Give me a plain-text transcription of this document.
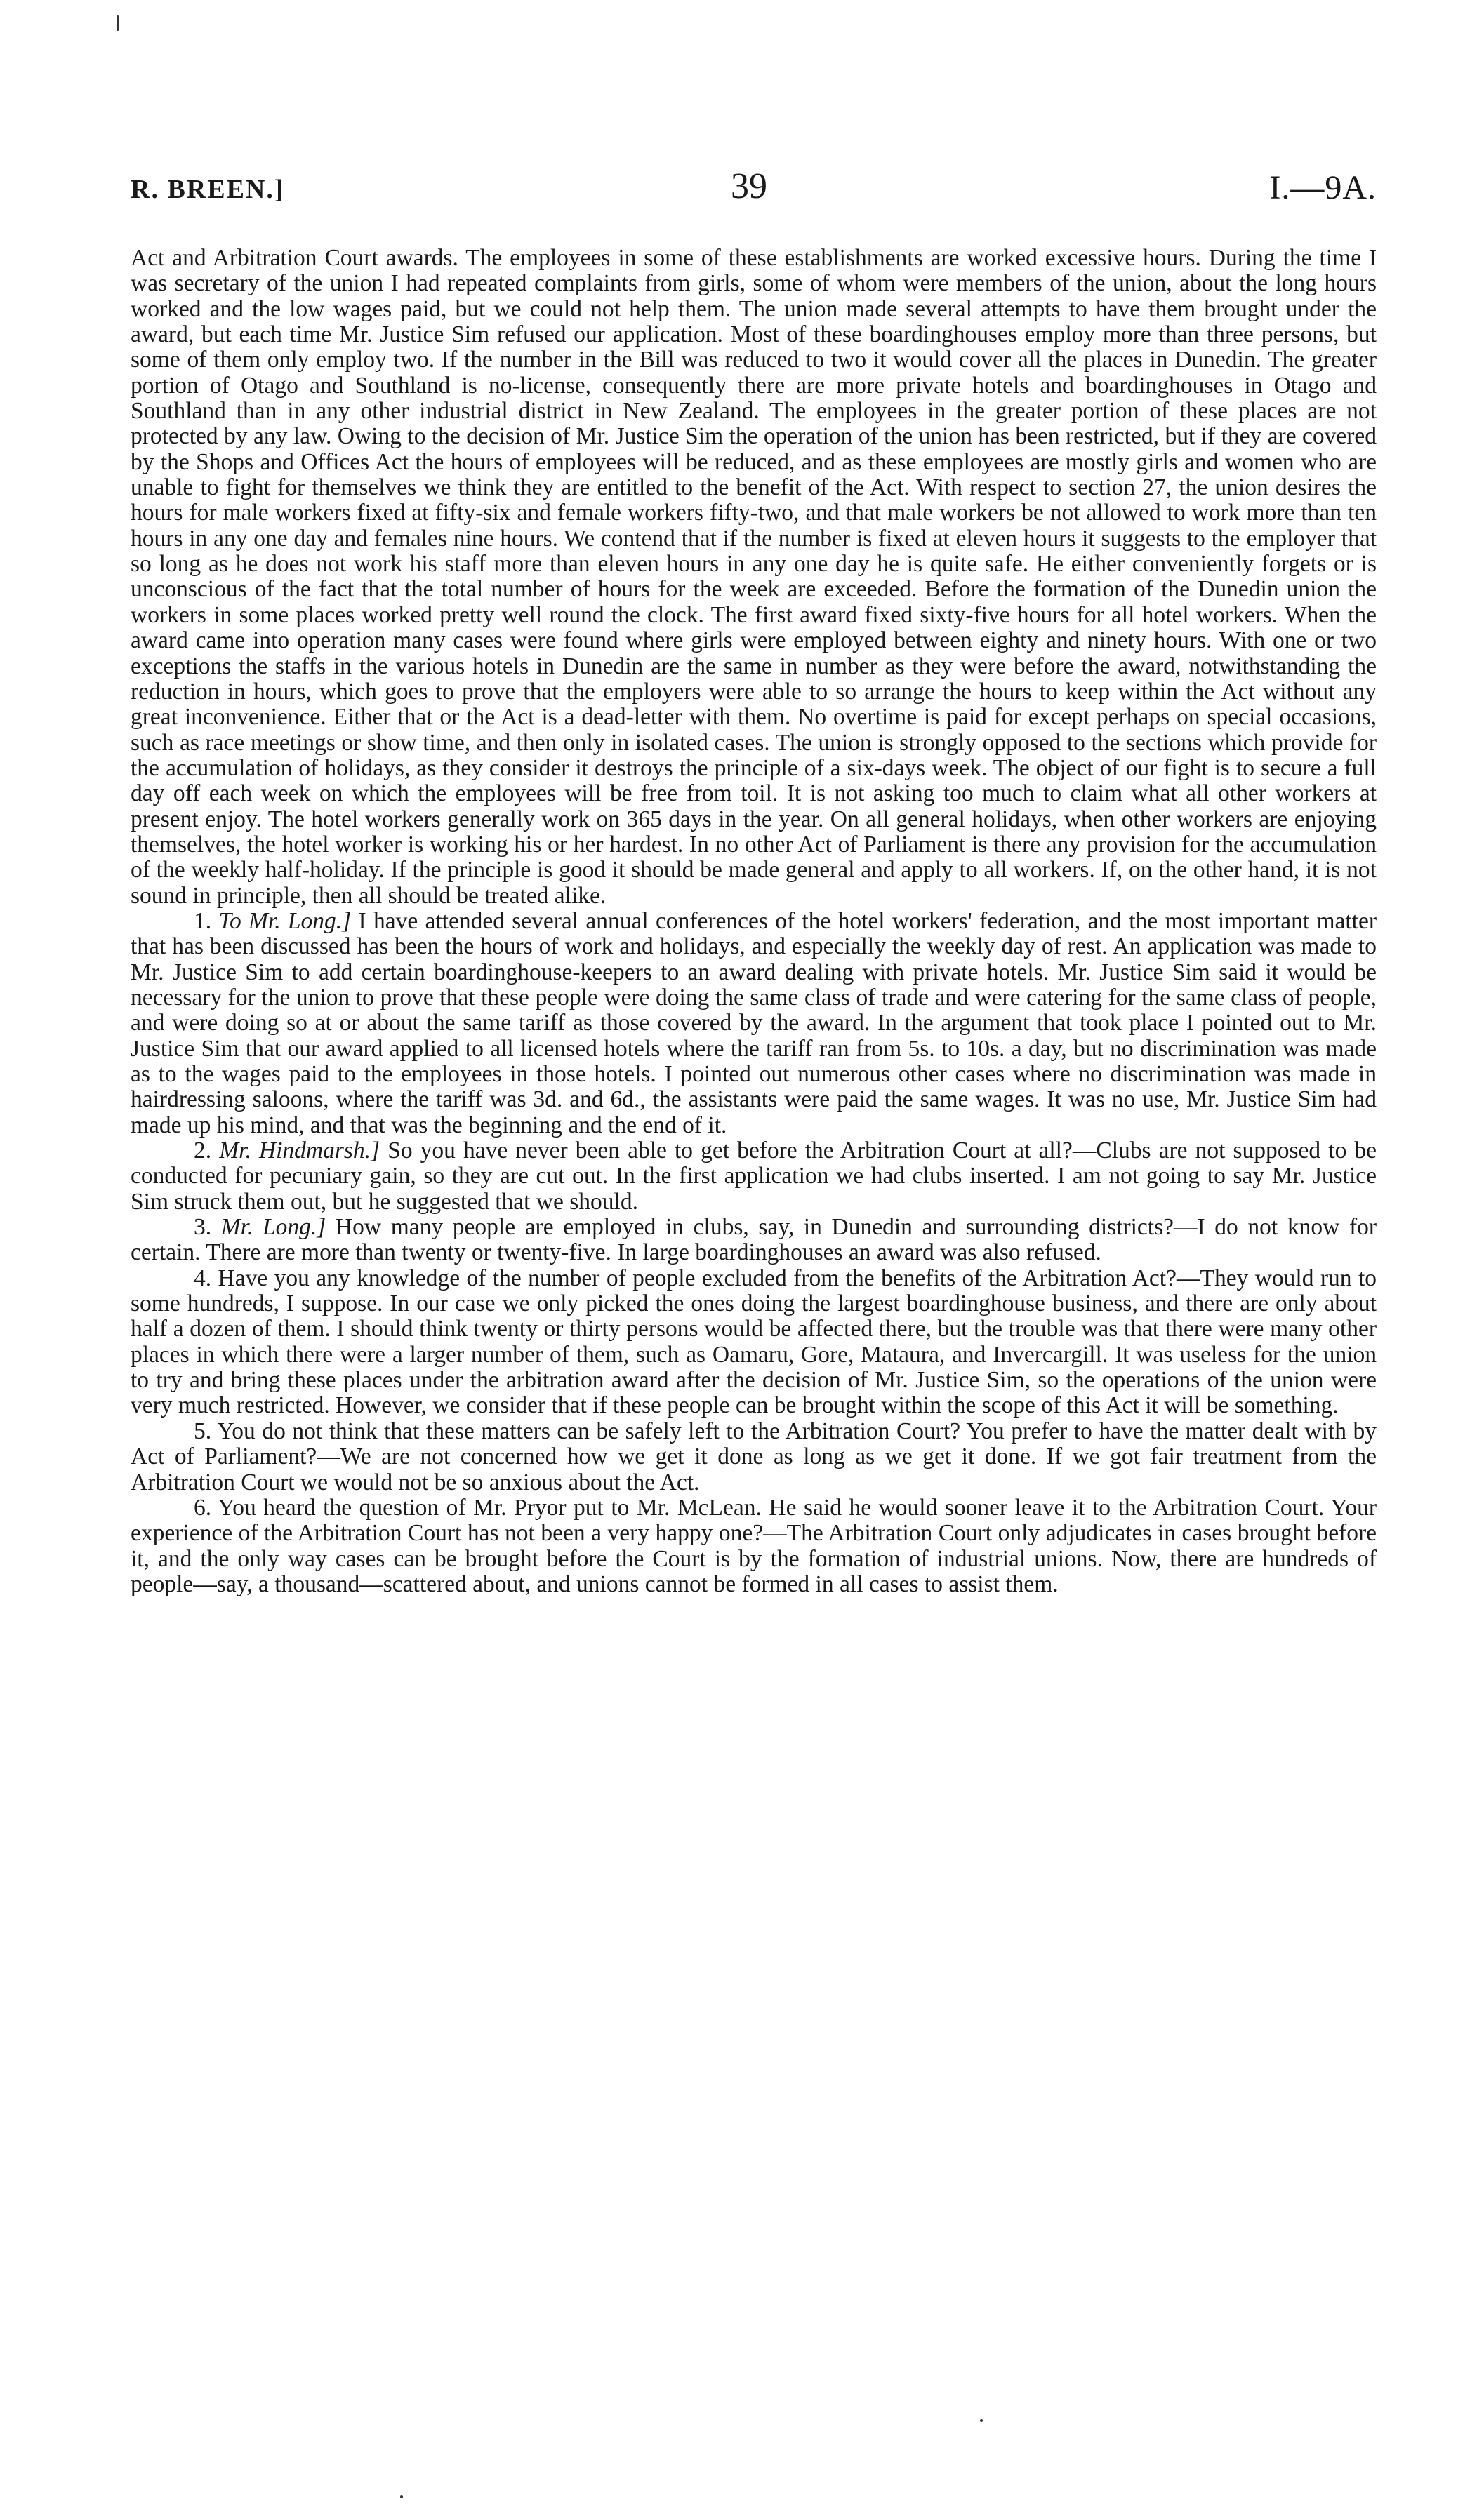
R. BREEN.]	39	I.—9A.

Act and Arbitration Court awards. The employees in some of these establishments are worked excessive hours. During the time I was secretary of the union I had repeated complaints from girls, some of whom were members of the union, about the long hours worked and the low wages paid, but we could not help them. The union made several attempts to have them brought under the award, but each time Mr. Justice Sim refused our application. Most of these boardinghouses employ more than three persons, but some of them only employ two. If the number in the Bill was reduced to two it would cover all the places in Dunedin. The greater portion of Otago and Southland is no-license, consequently there are more private hotels and boardinghouses in Otago and Southland than in any other industrial district in New Zealand. The employees in the greater portion of these places are not protected by any law. Owing to the decision of Mr. Justice Sim the operation of the union has been restricted, but if they are covered by the Shops and Offices Act the hours of employees will be reduced, and as these employees are mostly girls and women who are unable to fight for themselves we think they are entitled to the benefit of the Act. With respect to section 27, the union desires the hours for male workers fixed at fifty-six and female workers fifty-two, and that male workers be not allowed to work more than ten hours in any one day and females nine hours. We contend that if the number is fixed at eleven hours it suggests to the employer that so long as he does not work his staff more than eleven hours in any one day he is quite safe. He either conveniently forgets or is unconscious of the fact that the total number of hours for the week are exceeded. Before the formation of the Dunedin union the workers in some places worked pretty well round the clock. The first award fixed sixty-five hours for all hotel workers. When the award came into operation many cases were found where girls were employed between eighty and ninety hours. With one or two exceptions the staffs in the various hotels in Dunedin are the same in number as they were before the award, notwithstanding the reduction in hours, which goes to prove that the employers were able to so arrange the hours to keep within the Act without any great inconvenience. Either that or the Act is a dead-letter with them. No overtime is paid for except perhaps on special occasions, such as race meetings or show time, and then only in isolated cases. The union is strongly opposed to the sections which provide for the accumulation of holidays, as they consider it destroys the principle of a six-days week. The object of our fight is to secure a full day off each week on which the employees will be free from toil. It is not asking too much to claim what all other workers at present enjoy. The hotel workers generally work on 365 days in the year. On all general holidays, when other workers are enjoying themselves, the hotel worker is working his or her hardest. In no other Act of Parliament is there any provision for the accumulation of the weekly half-holiday. If the principle is good it should be made general and apply to all workers. If, on the other hand, it is not sound in principle, then all should be treated alike.

1. To Mr. Long.] I have attended several annual conferences of the hotel workers' federation, and the most important matter that has been discussed has been the hours of work and holidays, and especially the weekly day of rest. An application was made to Mr. Justice Sim to add certain boardinghouse-keepers to an award dealing with private hotels. Mr. Justice Sim said it would be necessary for the union to prove that these people were doing the same class of trade and were catering for the same class of people, and were doing so at or about the same tariff as those covered by the award. In the argument that took place I pointed out to Mr. Justice Sim that our award applied to all licensed hotels where the tariff ran from 5s. to 10s. a day, but no discrimination was made as to the wages paid to the employees in those hotels. I pointed out numerous other cases where no discrimination was made in hairdressing saloons, where the tariff was 3d. and 6d., the assistants were paid the same wages. It was no use, Mr. Justice Sim had made up his mind, and that was the beginning and the end of it.

2. Mr. Hindmarsh.] So you have never been able to get before the Arbitration Court at all?—Clubs are not supposed to be conducted for pecuniary gain, so they are cut out. In the first application we had clubs inserted. I am not going to say Mr. Justice Sim struck them out, but he suggested that we should.

3. Mr. Long.] How many people are employed in clubs, say, in Dunedin and surrounding districts?—I do not know for certain. There are more than twenty or twenty-five. In large boardinghouses an award was also refused.

4. Have you any knowledge of the number of people excluded from the benefits of the Arbitration Act?—They would run to some hundreds, I suppose. In our case we only picked the ones doing the largest boardinghouse business, and there are only about half a dozen of them. I should think twenty or thirty persons would be affected there, but the trouble was that there were many other places in which there were a larger number of them, such as Oamaru, Gore, Mataura, and Invercargill. It was useless for the union to try and bring these places under the arbitration award after the decision of Mr. Justice Sim, so the operations of the union were very much restricted. However, we consider that if these people can be brought within the scope of this Act it will be something.

5. You do not think that these matters can be safely left to the Arbitration Court? You prefer to have the matter dealt with by Act of Parliament?—We are not concerned how we get it done as long as we get it done. If we got fair treatment from the Arbitration Court we would not be so anxious about the Act.

6. You heard the question of Mr. Pryor put to Mr. McLean. He said he would sooner leave it to the Arbitration Court. Your experience of the Arbitration Court has not been a very happy one?—The Arbitration Court only adjudicates in cases brought before it, and the only way cases can be brought before the Court is by the formation of industrial unions. Now, there are hundreds of people—say, a thousand—scattered about, and unions cannot be formed in all cases to assist them.
